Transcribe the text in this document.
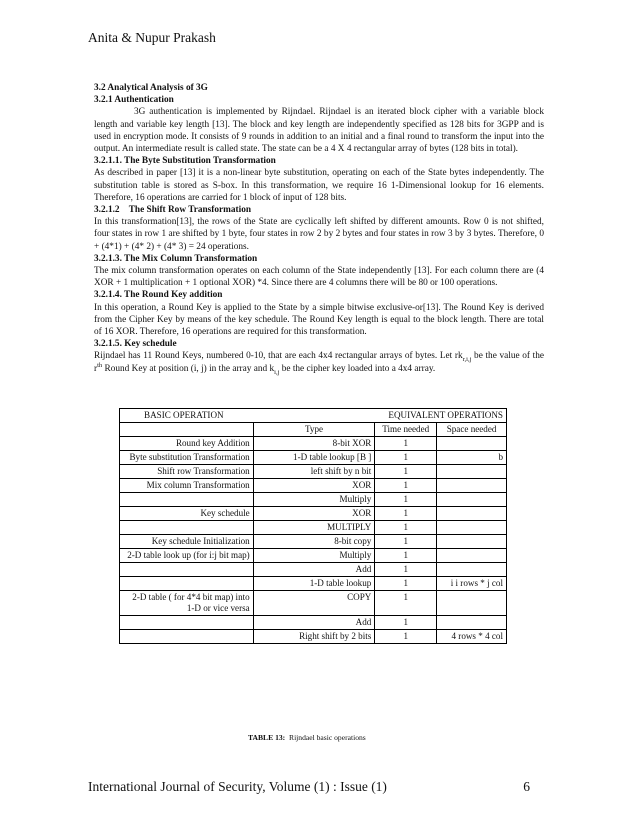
Anita & Nupur Prakash

3.2 Analytical Analysis of 3G

3.2.1 Authentication

3G authentication is implemented by Rijndael. Rijndael is an iterated block cipher with a variable block length and variable key length [13]. The block and key length are independently specified as 128 bits for 3GPP and is used in encryption mode. It consists of 9 rounds in addition to an initial and a final round to transform the input into the output. An intermediate result is called state. The state can be a 4 X 4 rectangular array of bytes (128 bits in total).

3.2.1.1. The Byte Substitution Transformation

As described in paper [13] it is a non-linear byte substitution, operating on each of the State bytes independently. The substitution table is stored as S-box. In this transformation, we require 16 1-Dimensional lookup for 16 elements. Therefore, 16 operations are carried for 1 block of input of 128 bits.

3.2.1.2    The Shift Row Transformation

In this transformation[13], the rows of the State are cyclically left shifted by different amounts. Row 0 is not shifted, four states in row 1 are shifted by 1 byte, four states in row 2 by 2 bytes and four states in row 3 by 3 bytes. Therefore, 0 + (4*1) + (4* 2) + (4* 3) = 24 operations.

3.2.1.3. The Mix Column Transformation

The mix column transformation operates on each column of the State independently [13]. For each column there are (4 XOR + 1 multiplication + 1 optional XOR) *4. Since there are 4 columns there will be 80 or 100 operations.

3.2.1.4. The Round Key addition

In this operation, a Round Key is applied to the State by a simple bitwise exclusive-or[13]. The Round Key is derived from the Cipher Key by means of the key schedule. The Round Key length is equal to the block length. There are total of 16 XOR. Therefore, 16 operations are required for this transformation.

3.2.1.5. Key schedule

Rijndael has 11 Round Keys, numbered 0-10, that are each 4x4 rectangular arrays of bytes. Let $rk_{r,i,j}$ be the value of the $r^{th}$ Round Key at position (i, j) in the array and $k_{i,j}$ be the cipher key loaded into a 4x4 array.

BASIC OPERATION	EQUIVALENT OPERATIONS		
	Type	Time needed	Space needed
Round key Addition	8-bit XOR	1	
Byte substitution Transformation	1-D table lookup [B ]	1	b
Shift row Transformation	left shift by n bit	1	
Mix column Transformation	XOR	1	
	Multiply	1	
Key schedule	XOR	1	
	MULTIPLY	1	
Key schedule Initialization	8-bit copy	1	
2-D table look up (for i:j bit map)	Multiply	1	
	Add	1	
	1-D table lookup	1	i i rows * j col
2-D table ( for 4*4 bit map) into 1-D or vice versa	COPY	1	
	Add	1	
	Right shift by 2 bits	1	4 rows * 4 col
TABLE 13:  Rijndael basic operations
International Journal of Security, Volume (1) : Issue (1)	6
